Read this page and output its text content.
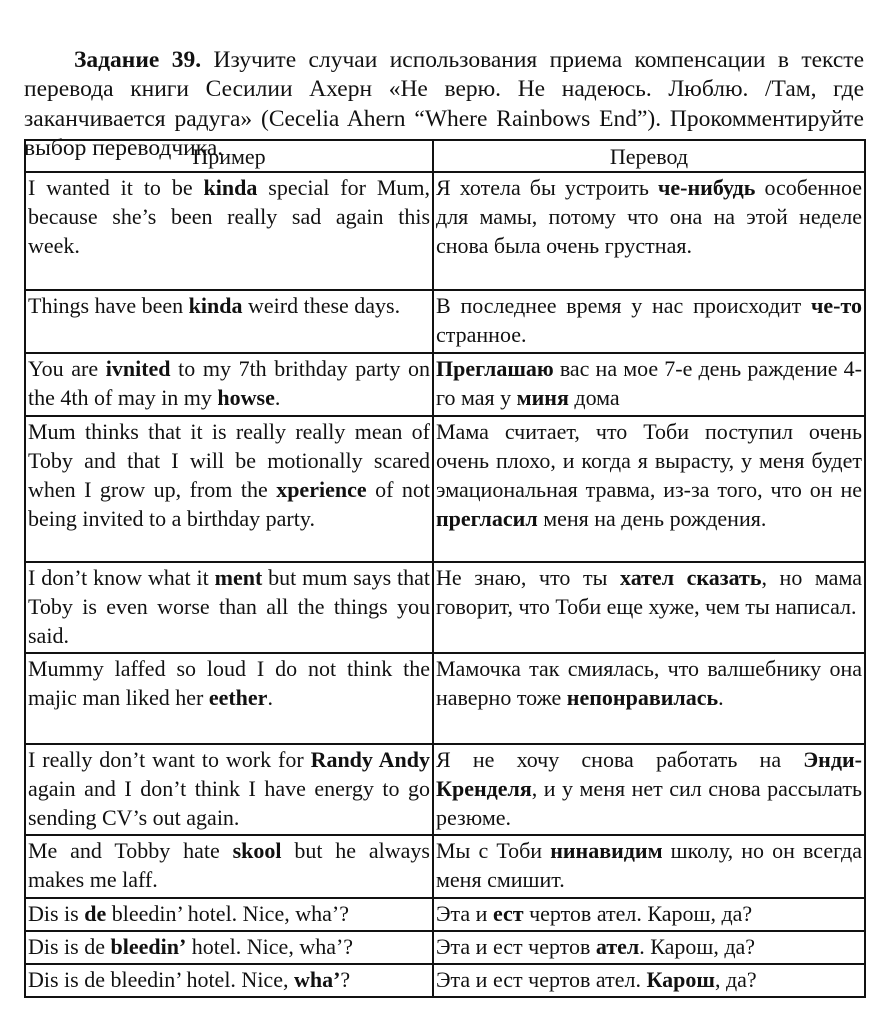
Задание 39. Изучите случаи использования приема компенсации в тексте перевода книги Сесилии Ахерн «Не верю. Не надеюсь. Люблю. /Там, где заканчивается радуга» (Cecelia Ahern “Where Rainbows End”). Прокомментируйте выбор переводчика.

Пример	Перевод
I wanted it to be kinda special for Mum, because she’s been really sad again this week.	Я хотела бы устроить че-нибудь особенное для мамы, потому что она на этой неделе снова была очень грустная.
Things have been kinda weird these days.	В последнее время у нас происходит че-то странное.
You are ivnited to my 7th brithday party on the 4th of may in my howse.	Преглашаю вас на мое 7-е день раждение 4-го мая у миня дома
Mum thinks that it is really really mean of Toby and that I will be motionally scared when I grow up, from the xperience of not being invited to a birthday party.	Мама считает, что Тоби поступил очень очень плохо, и когда я вырасту, у меня будет эмациональная травма, из-за того, что он не прегласил меня на день рождения.
I don’t know what it ment but mum says that Toby is even worse than all the things you said.	Не знаю, что ты хател сказать, но мама говорит, что Тоби еще хуже, чем ты написал.
Mummy laffed so loud I do not think the majic man liked her eether.	Мамочка так смиялась, что валшебнику она наверно тоже непонравилась.
I really don’t want to work for Randy Andy again and I don’t think I have energy to go sending CV’s out again.	Я не хочу снова работать на Энди-Кренделя, и у меня нет сил снова рассылать резюме.
Me and Tobby hate skool but he always makes me laff.	Мы с Тоби нинавидим школу, но он всегда меня смишит.
Dis is de bleedin’ hotel. Nice, wha’?	Эта и ест чертов ател. Карош, да?
Dis is de bleedin’ hotel. Nice, wha’?	Эта и ест чертов ател. Карош, да?
Dis is de bleedin’ hotel. Nice, wha’?	Эта и ест чертов ател. Карош, да?
